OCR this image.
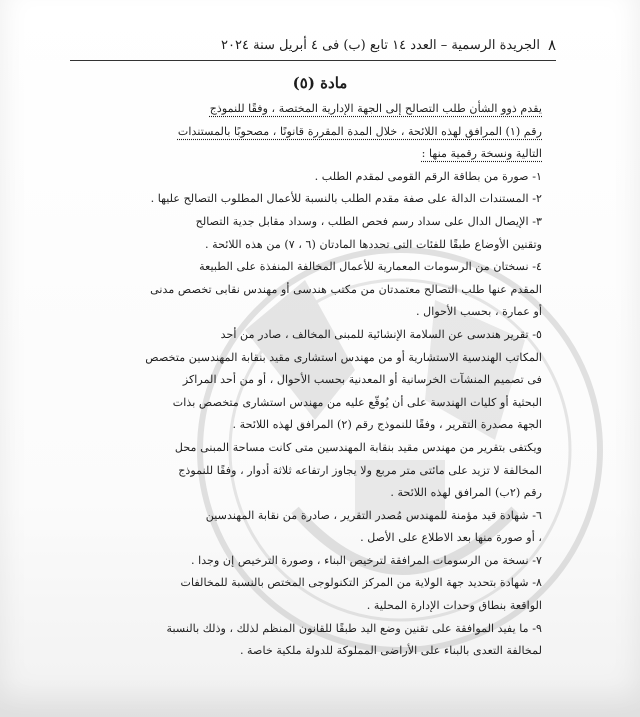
٨
الجريدة الرسمية – العدد ١٤ تابع (ب) فى ٤ أبريل سنة ٢٠٢٤
مادة (٥)
يقدم ذوو الشأن طلب التصالح إلى الجهة الإدارية المختصة ، وفقًا للنموذج
رقم (١) المرافق لهذه اللائحة ، خلال المدة المقررة قانونًا ، مصحوبًا بالمستندات
التالية ونسخة رقمية منها :
١- صورة من بطاقة الرقم القومى لمقدم الطلب .
٢- المستندات الدالة على صفة مقدم الطلب بالنسبة للأعمال المطلوب التصالح عليها .
٣- الإيصال الدال على سداد رسم فحص الطلب ، وسداد مقابل جدية التصالح
وتقنين الأوضاع طبقًا للفئات التى تحددها المادتان (٦ ، ٧) من هذه اللائحة .
٤- نسختان من الرسومات المعمارية للأعمال المخالفة المنفذة على الطبيعة
المقدم عنها طلب التصالح معتمدتان من مكتب هندسى أو مهندس نقابى تخصص مدنى
أو عمارة ، بحسب الأحوال .
٥- تقرير هندسى عن السلامة الإنشائية للمبنى المخالف ، صادر من أحد
المكاتب الهندسية الاستشارية أو من مهندس استشارى مقيد بنقابة المهندسين متخصص
فى تصميم المنشآت الخرسانية أو المعدنية بحسب الأحوال ، أو من أحد المراكز
البحثية أو كليات الهندسة على أن يُوقّع عليه من مهندس استشارى متخصص بذات
الجهة مصدرة التقرير ، وفقًا للنموذج رقم (٢) المرافق لهذه اللائحة .
ويكتفى بتقرير من مهندس مقيد بنقابة المهندسين متى كانت مساحة المبنى محل
المخالفة لا تزيد على مائتى متر مربع ولا يجاوز ارتفاعه ثلاثة أدوار ، وفقًا للنموذج
رقم (٢ب) المرافق لهذه اللائحة .
٦- شهادة قيد مؤمنة للمهندس مُصدر التقرير ، صادرة من نقابة المهندسين
، أو صورة منها بعد الاطلاع على الأصل .
٧- نسخة من الرسومات المرافقة لترخيص البناء ، وصورة الترخيص إن وجدا .
٨- شهادة بتحديد جهة الولاية من المركز التكنولوجى المختص بالنسبة للمخالفات
الواقعة بنطاق وحدات الإدارة المحلية .
٩- ما يفيد الموافقة على تقنين وضع اليد طبقًا للقانون المنظم لذلك ، وذلك بالنسبة
لمخالفة التعدى بالبناء على الأراضى المملوكة للدولة ملكية خاصة .
